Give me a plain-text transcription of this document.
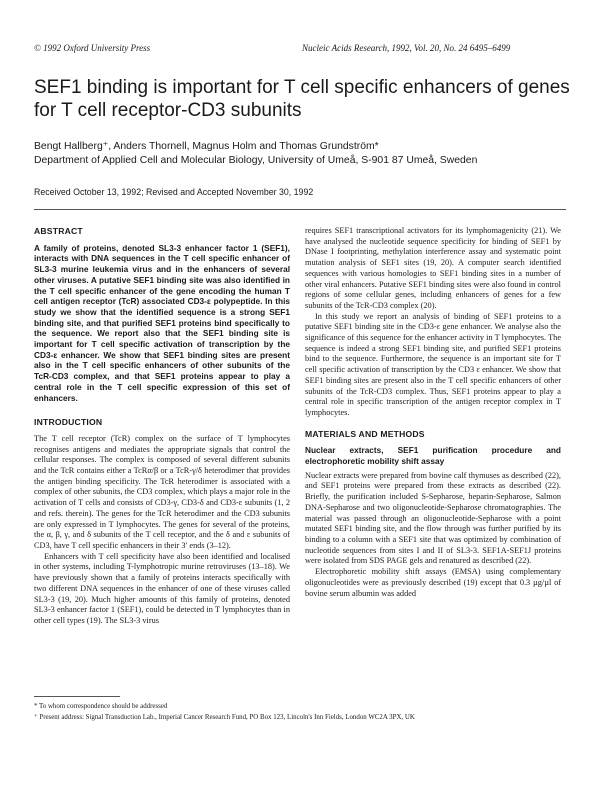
© 1992 Oxford University Press	Nucleic Acids Research, 1992, Vol. 20, No. 24 6495–6499
SEF1 binding is important for T cell specific enhancers of genes for T cell receptor-CD3 subunits
Bengt Hallberg⁺, Anders Thornell, Magnus Holm and Thomas Grundström*
Department of Applied Cell and Molecular Biology, University of Umeå, S-901 87 Umeå, Sweden
Received October 13, 1992; Revised and Accepted November 30, 1992
ABSTRACT
A family of proteins, denoted SL3-3 enhancer factor 1 (SEF1), interacts with DNA sequences in the T cell specific enhancer of SL3-3 murine leukemia virus and in the enhancers of several other viruses. A putative SEF1 binding site was also identified in the T cell specific enhancer of the gene encoding the human T cell antigen receptor (TcR) associated CD3-ε polypeptide. In this study we show that the identified sequence is a strong SEF1 binding site, and that purified SEF1 proteins bind specifically to the sequence. We report also that the SEF1 binding site is important for T cell specific activation of transcription by the CD3-ε enhancer. We show that SEF1 binding sites are present also in the T cell specific enhancers of other subunits of the TcR-CD3 complex, and that SEF1 proteins appear to play a central role in the T cell specific expression of this set of enhancers.
INTRODUCTION

The T cell receptor (TcR) complex on the surface of T lymphocytes recognises antigens and mediates the appropriate signals that control the cellular responses. The complex is composed of several different subunits and the TcR contains either a TcRα/β or a TcR-γ/δ heterodimer that provides the antigen binding specificity. The TcR heterodimer is associated with a complex of other subunits, the CD3 complex, which plays a major role in the activation of T cells and consists of CD3-γ, CD3-δ and CD3-ε subunits (1, 2 and refs. therein). The genes for the TcR heterodimer and the CD3 subunits are only expressed in T lymphocytes. The genes for several of the proteins, the α, β, γ, and δ subunits of the T cell receptor, and the δ and ε subunits of CD3, have T cell specific enhancers in their 3′ ends (3–12).

Enhancers with T cell specificity have also been identified and localised in other systems, including T-lymphotropic murine retroviruses (13–18). We have previously shown that a family of proteins interacts specifically with two different DNA sequences in the enhancer of one of these viruses called SL3-3 (19, 20). Much higher amounts of this family of proteins, denoted SL3-3 enhancer factor 1 (SEF1), could be detected in T lymphocytes than in other cell types (19). The SL3-3 virus

requires SEF1 transcriptional activators for its lymphomagenicity (21). We have analysed the nucleotide sequence specificity for binding of SEF1 by DNase I footprinting, methylation interference assay and systematic point mutation analysis of SEF1 sites (19, 20). A computer search identified sequences with various homologies to SEF1 binding sites in a number of other viral enhancers. Putative SEF1 binding sites were also found in control regions of some cellular genes, including enhancers of genes for a few subunits of the TcR-CD3 complex (20).

In this study we report an analysis of binding of SEF1 proteins to a putative SEF1 binding site in the CD3-ε gene enhancer. We analyse also the significance of this sequence for the enhancer activity in T lymphocytes. The sequence is indeed a strong SEF1 binding site, and purified SEF1 proteins bind to the sequence. Furthermore, the sequence is an important site for T cell specific activation of transcription by the CD3 ε enhancer. We show that SEF1 binding sites are present also in the T cell specific enhancers of other subunits of the TcR-CD3 complex. Thus, SEF1 proteins appear to play a central role in specific transcription of the antigen receptor complex in T lymphocytes.

MATERIALS AND METHODS
Nuclear extracts, SEF1 purification procedure and electrophoretic mobility shift assay

Nuclear extracts were prepared from bovine calf thymuses as described (22), and SEF1 proteins were prepared from these extracts as described (22). Briefly, the purification included S-Sepharose, heparin-Sepharose, Salmon DNA-Sepharose and two oligonucleotide-Sepharose chromatographies. The material was passed through an oligonucleotide-Sepharose with a point mutated SEF1 binding site, and the flow through was further purified by its binding to a column with a SEF1 site that was optimized by combination of nucleotide sequences from sites I and II of SL3-3. SEF1A-SEF1J proteins were isolated from SDS PAGE gels and renatured as described (22).

Electrophoretic mobility shift assays (EMSA) using complementary oligonucleotides were as previously described (19) except that 0.3 µg/µl of bovine serum albumin was added

* To whom correspondence should be addressed
⁺ Present address: Signal Transduction Lab., Imperial Cancer Research Fund, PO Box 123, Lincoln's Inn Fields, London WC2A 3PX, UK
